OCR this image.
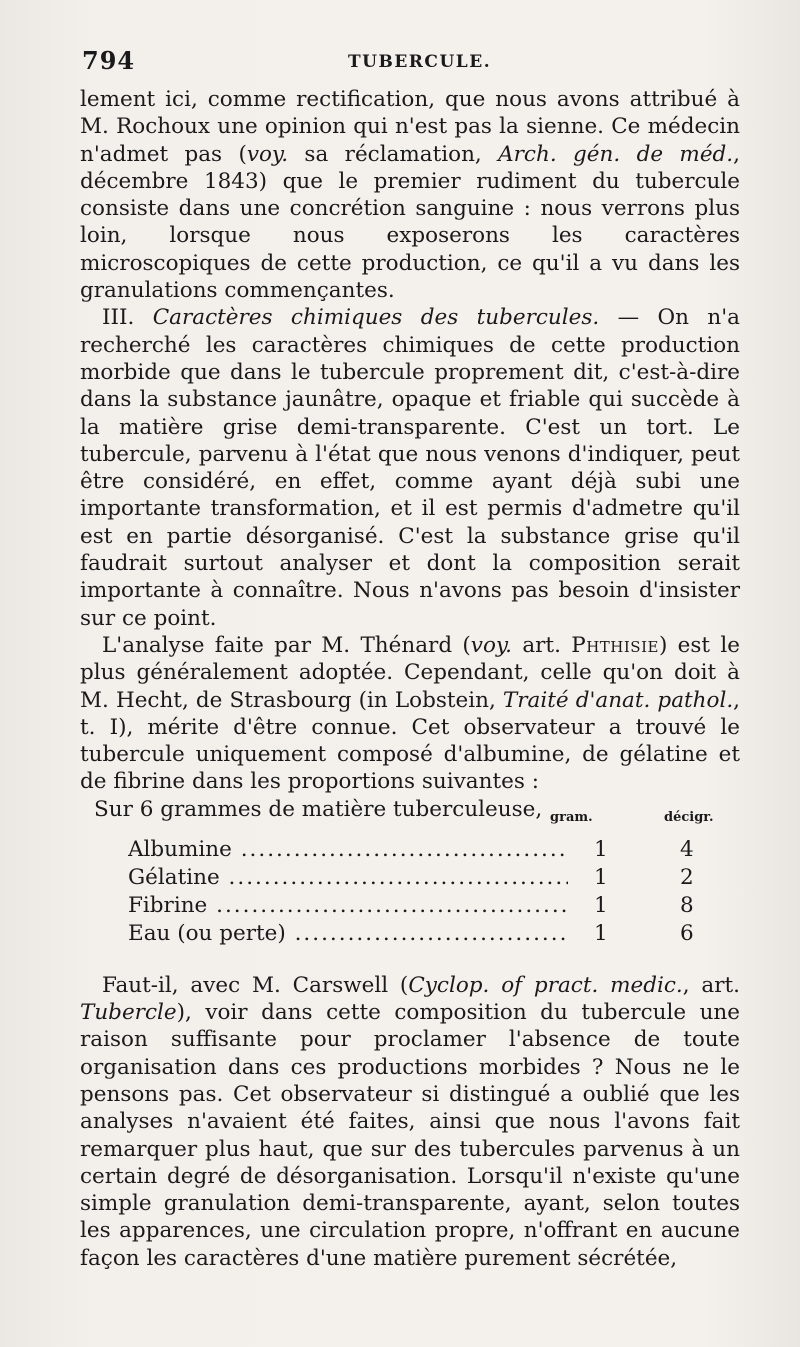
794	TUBERCULE.

lement ici, comme rectification, que nous avons attribué à M. Rochoux une opinion qui n'est pas la sienne. Ce médecin n'admet pas (voy. sa réclamation, Arch. gén. de méd., décembre 1843) que le premier rudiment du tubercule consiste dans une concrétion sanguine : nous verrons plus loin, lorsque nous exposerons les caractères microscopiques de cette production, ce qu'il a vu dans les granulations commençantes.

III. Caractères chimiques des tubercules. — On n'a recherché les caractères chimiques de cette production morbide que dans le tubercule proprement dit, c'est-à-dire dans la substance jaunâtre, opaque et friable qui succède à la matière grise demi-transparente. C'est un tort. Le tubercule, parvenu à l'état que nous venons d'indiquer, peut être considéré, en effet, comme ayant déjà subi une importante transformation, et il est permis d'admetre qu'il est en partie désorganisé. C'est la substance grise qu'il faudrait surtout analyser et dont la composition serait importante à connaître. Nous n'avons pas besoin d'insister sur ce point.

L'analyse faite par M. Thénard (voy. art. Phthisie) est le plus généralement adoptée. Cependant, celle qu'on doit à M. Hecht, de Strasbourg (in Lobstein, Traité d'anat. pathol., t. I), mérite d'être connue. Cet observateur a trouvé le tubercule uniquement composé d'albumine, de gélatine et de fibrine dans les proportions suivantes :

Sur 6 grammes de matière tuberculeuse, gram.	décigr.
Albumine .....	1	4
Gélatine .....	1	2
Fibrine .....	1	8
Eau (ou perte) .....	1	6

Faut-il, avec M. Carswell (Cyclop. of pract. medic., art. Tubercle), voir dans cette composition du tubercule une raison suffisante pour proclamer l'absence de toute organisation dans ces productions morbides ? Nous ne le pensons pas. Cet observateur si distingué a oublié que les analyses n'avaient été faites, ainsi que nous l'avons fait remarquer plus haut, que sur des tubercules parvenus à un certain degré de désorganisation. Lorsqu'il n'existe qu'une simple granulation demi-transparente, ayant, selon toutes les apparences, une circulation propre, n'offrant en aucune façon les caractères d'une matière purement sécrétée,
